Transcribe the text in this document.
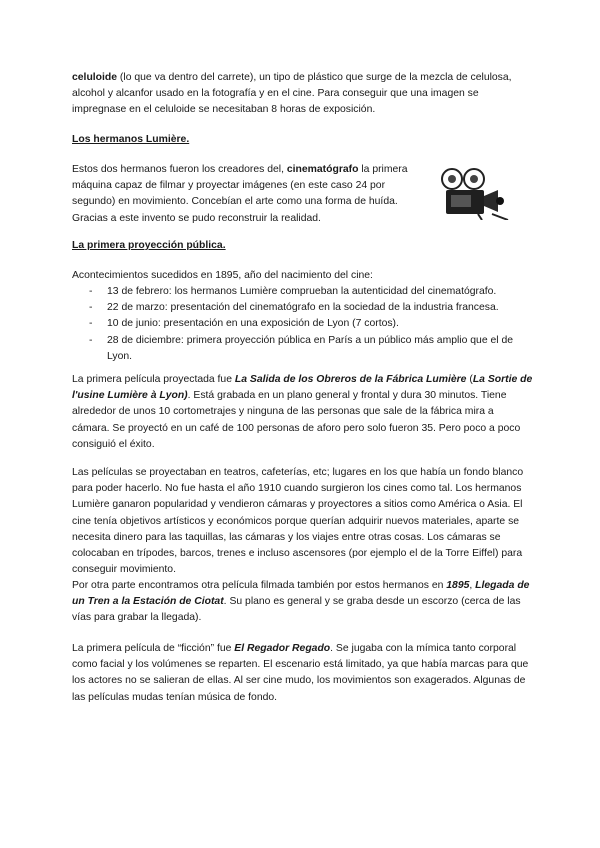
celuloide (lo que va dentro del carrete), un tipo de plástico que surge de la mezcla de celulosa, alcohol y alcanfor usado en la fotografía y en el cine. Para conseguir que una imagen se impregnase en el celuloide se necesitaban 8 horas de exposición.

Los hermanos Lumière.

Estos dos hermanos fueron los creadores del, cinematógrafo la primera máquina capaz de filmar y proyectar imágenes (en este caso 24 por segundo) en movimiento. Concebían el arte como una forma de huída. Gracias a este invento se pudo reconstruir la realidad.

La primera proyección pública.

Acontecimientos sucedidos en 1895, año del nacimiento del cine:

- 13 de febrero: los hermanos Lumière comprueban la autenticidad del cinematógrafo.
- 22 de marzo: presentación del cinematógrafo en la sociedad de la industria francesa.
- 10 de junio: presentación en una exposición de Lyon (7 cortos).
- 28 de diciembre: primera proyección pública en París a un público más amplio que el de Lyon.

La primera película proyectada fue La Salida de los Obreros de la Fábrica Lumière (La Sortie de l'usine Lumière à Lyon). Está grabada en un plano general y frontal y dura 30 minutos. Tiene alrededor de unos 10 cortometrajes y ninguna de las personas que sale de la fábrica mira a cámara. Se proyectó en un café de 100 personas de aforo pero solo fueron 35. Pero poco a poco consiguió el éxito.

Las películas se proyectaban en teatros, cafeterías, etc; lugares en los que había un fondo blanco para poder hacerlo. No fue hasta el año 1910 cuando surgieron los cines como tal. Los hermanos Lumière ganaron popularidad y vendieron cámaras y proyectores a sitios como América o Asia. El cine tenía objetivos artísticos y económicos porque querían adquirir nuevos materiales, aparte se necesita dinero para las taquillas, las cámaras y los viajes entre otras cosas. Los cámaras se colocaban en trípodes, barcos, trenes e incluso ascensores (por ejemplo el de la Torre Eiffel) para conseguir movimiento.

Por otra parte encontramos otra película filmada también por estos hermanos en 1895, Llegada de un Tren a la Estación de Ciotat. Su plano es general y se graba desde un escorzo (cerca de las vías para grabar la llegada).

La primera película de “ficción” fue El Regador Regado. Se jugaba con la mímica tanto corporal como facial y los volúmenes se reparten. El escenario está limitado, ya que había marcas para que los actores no se salieran de ellas. Al ser cine mudo, los movimientos son exagerados. Algunas de las películas mudas tenían música de fondo.
